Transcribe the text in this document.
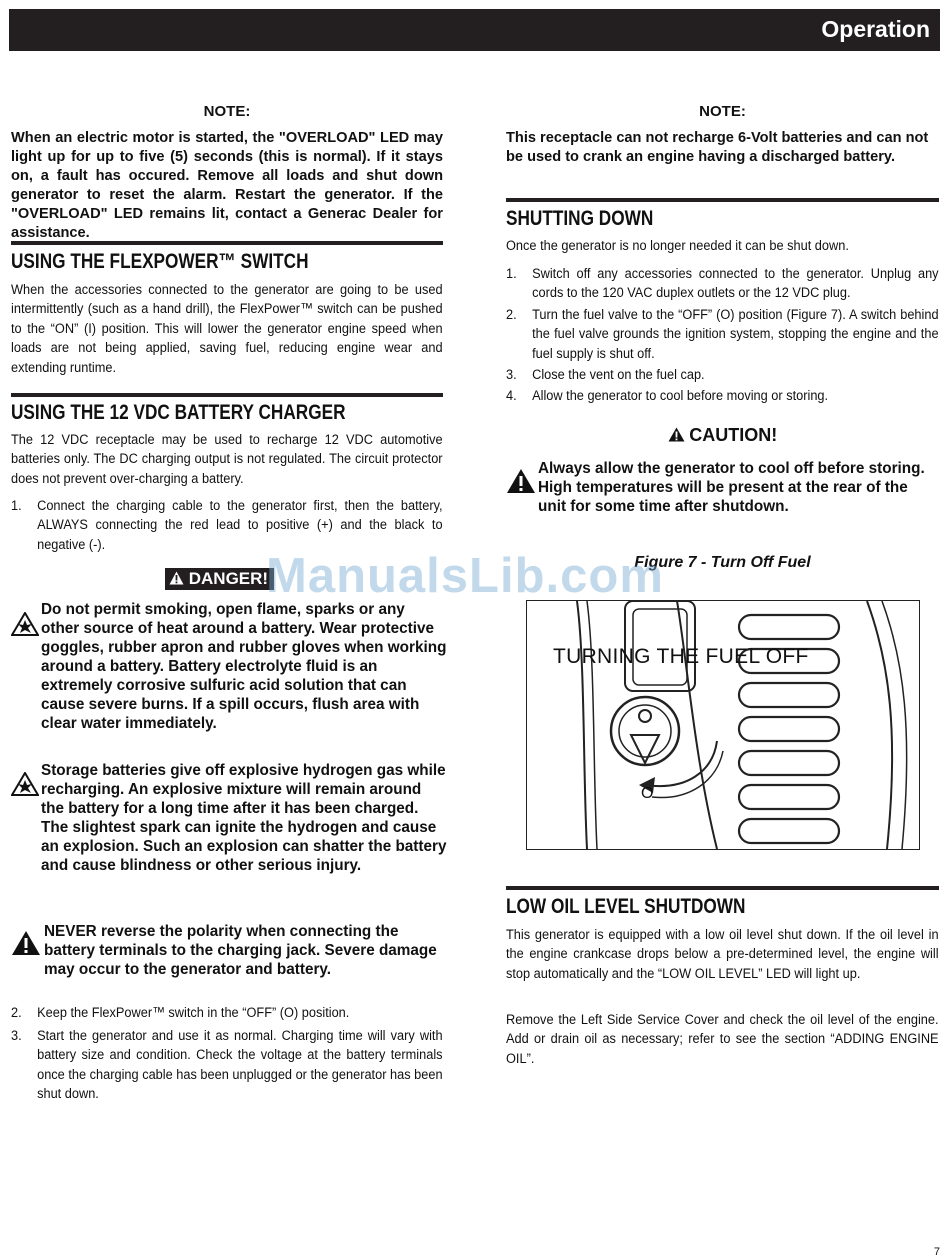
Operation
NOTE:

When an electric motor is started, the "OVERLOAD" LED may light up for up to five (5) seconds (this is normal). If it stays on, a fault has occured. Remove all loads and shut down generator to reset the alarm. Restart the generator. If the "OVERLOAD" LED remains lit, contact a Generac Dealer for assistance.

USING THE FLEXPOWER™ SWITCH

When the accessories connected to the generator are going to be used intermittently (such as a hand drill), the FlexPower™ switch can be pushed to the “ON” (I) position. This will lower the generator engine speed when loads are not being applied, saving fuel, reducing engine wear and extending runtime.

USING THE 12 VDC BATTERY CHARGER

The 12 VDC receptacle may be used to recharge 12 VDC automotive batteries only. The DC charging output is not regulated. The circuit protector does not prevent over-charging a battery.

1.	Connect the charging cable to the generator first, then the battery, ALWAYS connecting the red lead to positive (+) and the black to negative (-).
DANGER!

Do not permit smoking, open flame, sparks or any other source of heat around a battery. Wear protective goggles, rubber apron and rubber gloves when working around a battery. Battery electrolyte fluid is an extremely corrosive sulfuric acid solution that can cause severe burns. If a spill occurs, flush area with clear water immediately.

Storage batteries give off explosive hydrogen gas while recharging. An explosive mixture will remain around the battery for a long time after it has been charged. The slightest spark can ignite the hydrogen and cause an explosion. Such an explosion can shatter the battery and cause blindness or other serious injury.

NEVER reverse the polarity when connecting the battery terminals to the charging jack. Severe damage may occur to the generator and battery.

2.	Keep the FlexPower™ switch in the “OFF” (O) position.
3.	Start the generator and use it as normal. Charging time will vary with battery size and condition. Check the voltage at the battery terminals once the charging cable has been unplugged or the generator has been shut down.
NOTE:

This receptacle can not recharge 6-Volt batteries and can not be used to crank an engine having a discharged battery.

SHUTTING DOWN

Once the generator is no longer needed it can be shut down.

1.	Switch off any accessories connected to the generator. Unplug any cords to the 120 VAC duplex outlets or the 12 VDC plug.
2.	Turn the fuel valve to the “OFF” (O) position (Figure 7). A switch behind the fuel valve grounds the ignition system, stopping the engine and the fuel supply is shut off.
3.	Close the vent on the fuel cap.
4.	Allow the generator to cool before moving or storing.
CAUTION!

Always allow the generator to cool off before storing. High temperatures will be present at the rear of the unit for some time after shutdown.

Figure 7 - Turn Off Fuel
TURNING THE FUEL OFF
O
LOW OIL LEVEL SHUTDOWN

This generator is equipped with a low oil level shut down. If the oil level in the engine crankcase drops below a pre-determined level, the engine will stop automatically and the “LOW OIL LEVEL” LED will light up.

Remove the Left Side Service Cover and check the oil level of the engine. Add or drain oil as necessary; refer to see the section “ADDING ENGINE OIL”.

ManualsLib.com
7
